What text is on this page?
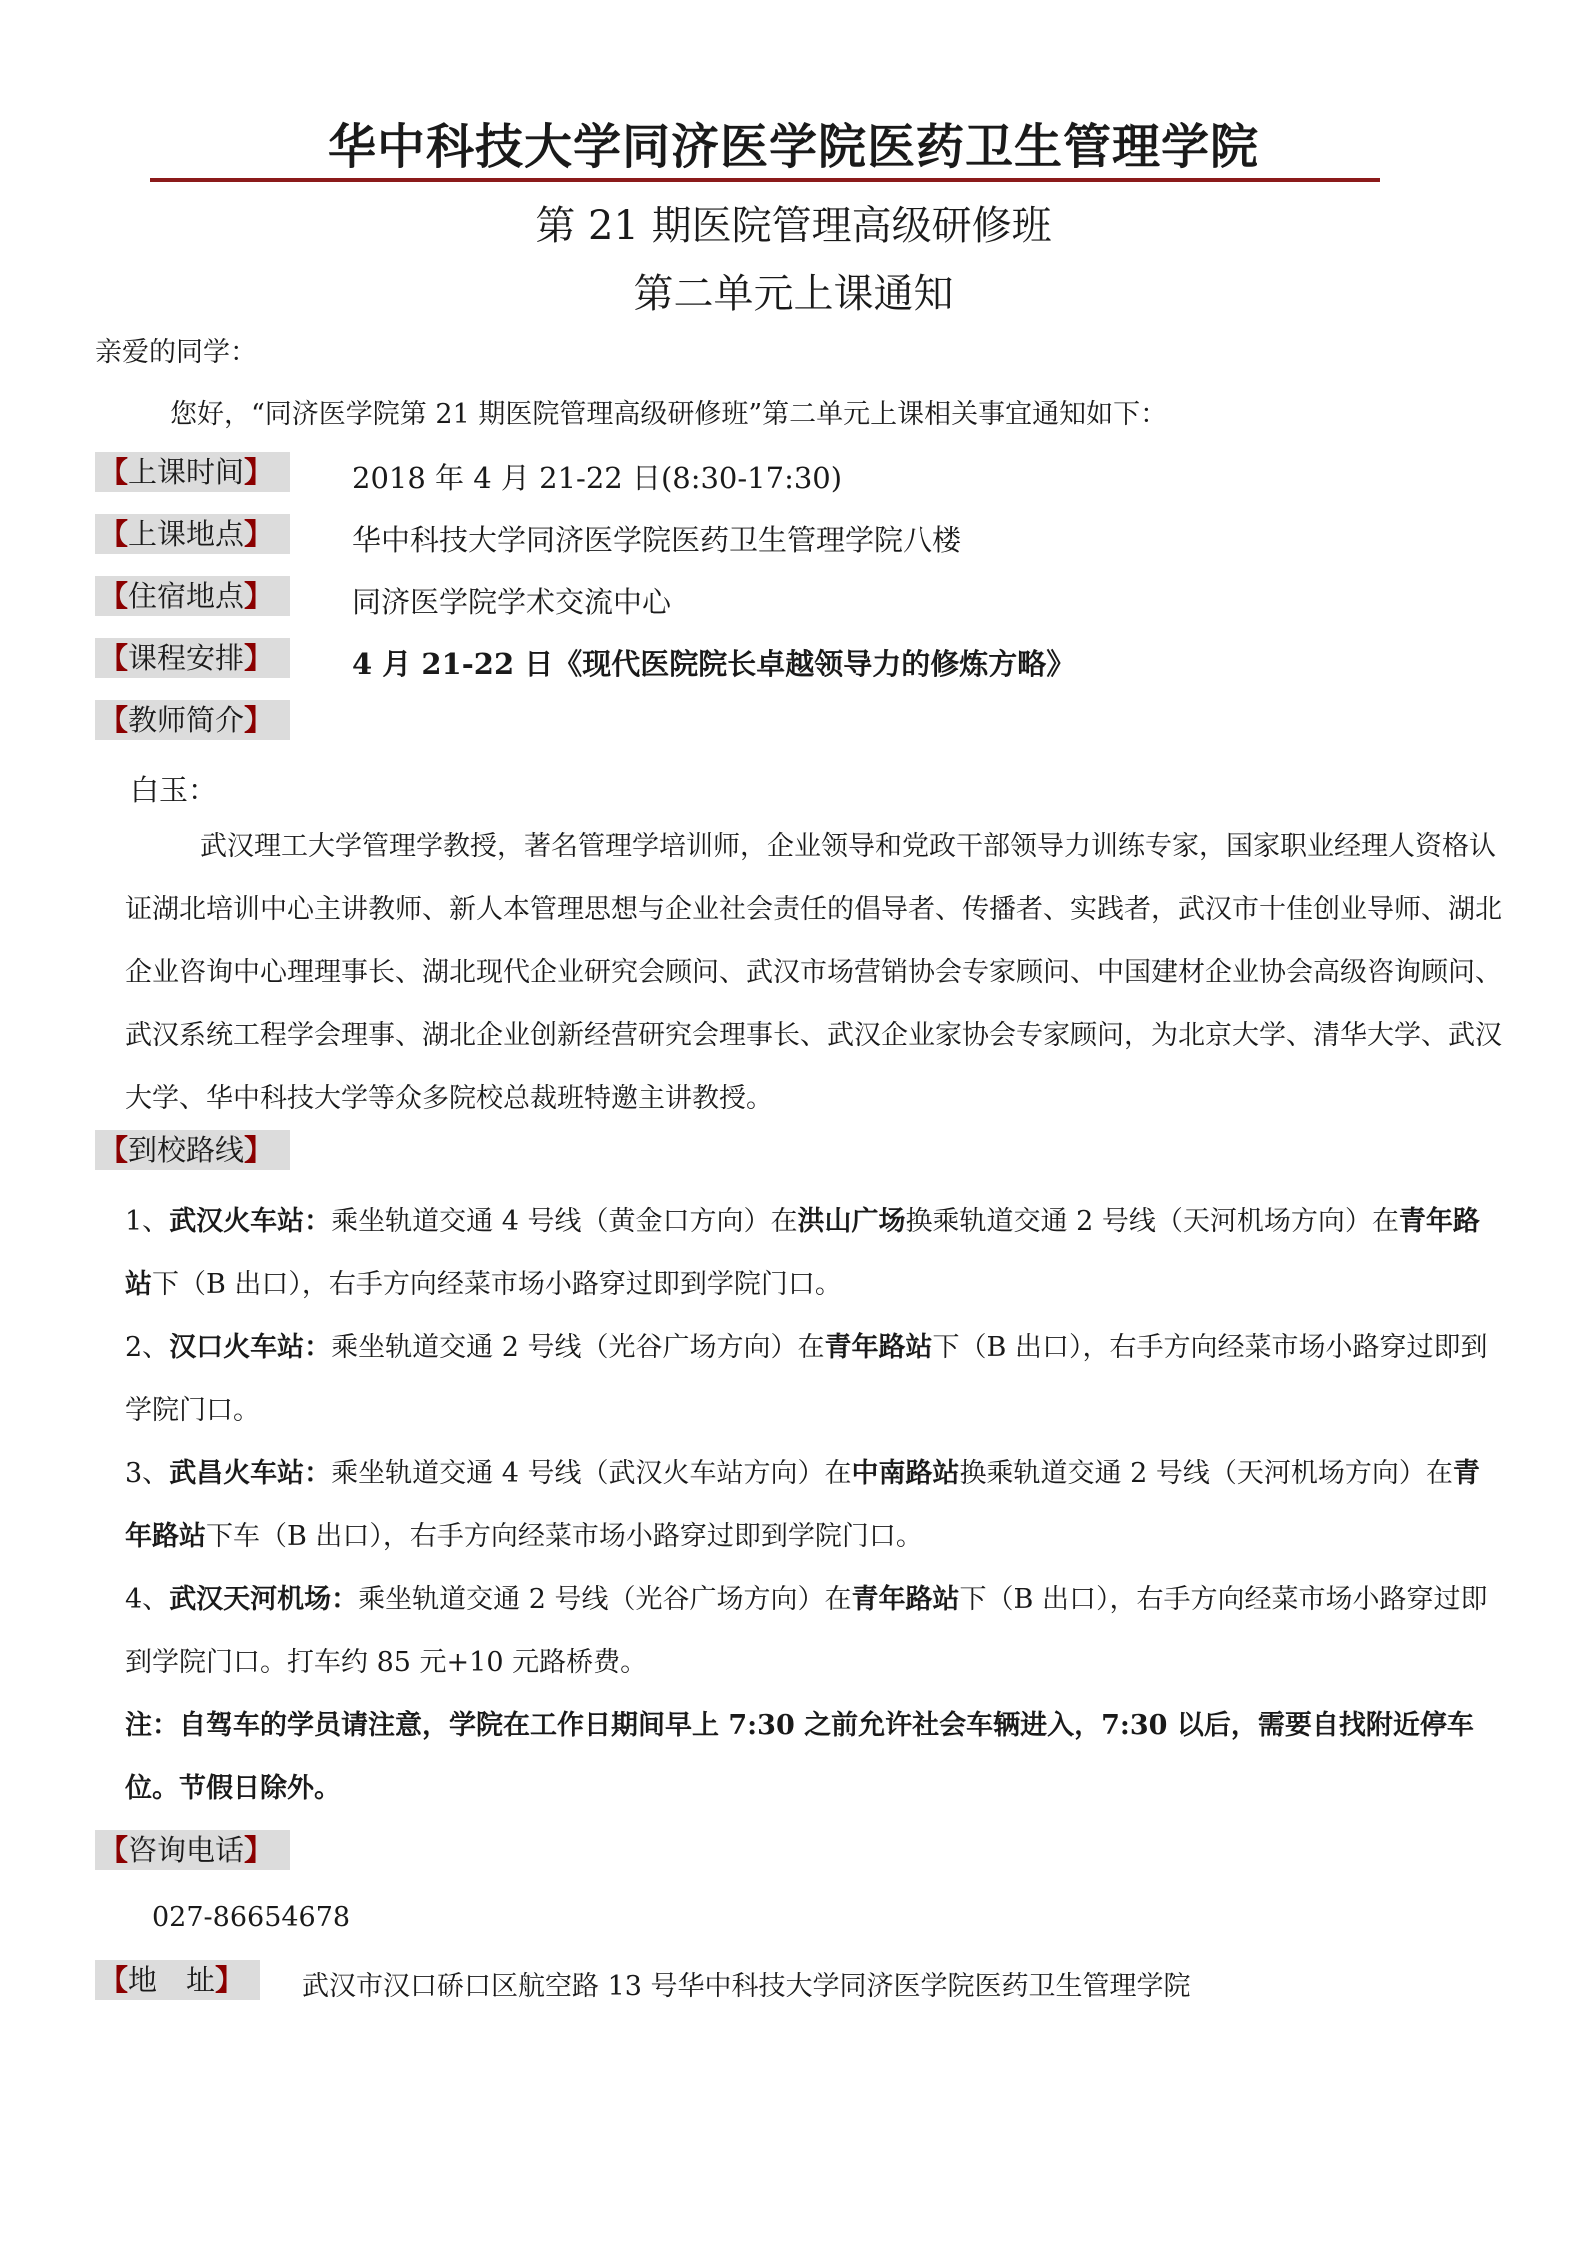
华中科技大学同济医学院医药卫生管理学院
第 21 期医院管理高级研修班
第二单元上课通知
亲爱的同学：
您好，“同济医学院第 21 期医院管理高级研修班”第二单元上课相关事宜通知如下：
【上课时间】	2018 年 4 月 21-22 日(8:30-17:30)
【上课地点】	华中科技大学同济医学院医药卫生管理学院八楼
【住宿地点】	同济医学院学术交流中心
【课程安排】	4 月 21-22 日《现代医院院长卓越领导力的修炼方略》
【教师简介】
白玉：
武汉理工大学管理学教授，著名管理学培训师，企业领导和党政干部领导力训练专家，国家职业经理人资格认证湖北培训中心主讲教师、新人本管理思想与企业社会责任的倡导者、传播者、实践者，武汉市十佳创业导师、湖北企业咨询中心理理事长、湖北现代企业研究会顾问、武汉市场营销协会专家顾问、中国建材企业协会高级咨询顾问、武汉系统工程学会理事、湖北企业创新经营研究会理事长、武汉企业家协会专家顾问，为北京大学、清华大学、武汉大学、华中科技大学等众多院校总裁班特邀主讲教授。
【到校路线】
1、武汉火车站：乘坐轨道交通 4 号线（黄金口方向）在洪山广场换乘轨道交通 2 号线（天河机场方向）在青年路站下（B 出口），右手方向经菜市场小路穿过即到学院门口。
2、汉口火车站：乘坐轨道交通 2 号线（光谷广场方向）在青年路站下（B 出口），右手方向经菜市场小路穿过即到学院门口。
3、武昌火车站：乘坐轨道交通 4 号线（武汉火车站方向）在中南路站换乘轨道交通 2 号线（天河机场方向）在青年路站下车（B 出口），右手方向经菜市场小路穿过即到学院门口。
4、武汉天河机场：乘坐轨道交通 2 号线（光谷广场方向）在青年路站下（B 出口），右手方向经菜市场小路穿过即到学院门口。打车约 85 元+10 元路桥费。
注：自驾车的学员请注意，学院在工作日期间早上 7:30 之前允许社会车辆进入，7:30 以后，需要自找附近停车位。节假日除外。
【咨询电话】
027-86654678
【地　址】	武汉市汉口硚口区航空路 13 号华中科技大学同济医学院医药卫生管理学院
